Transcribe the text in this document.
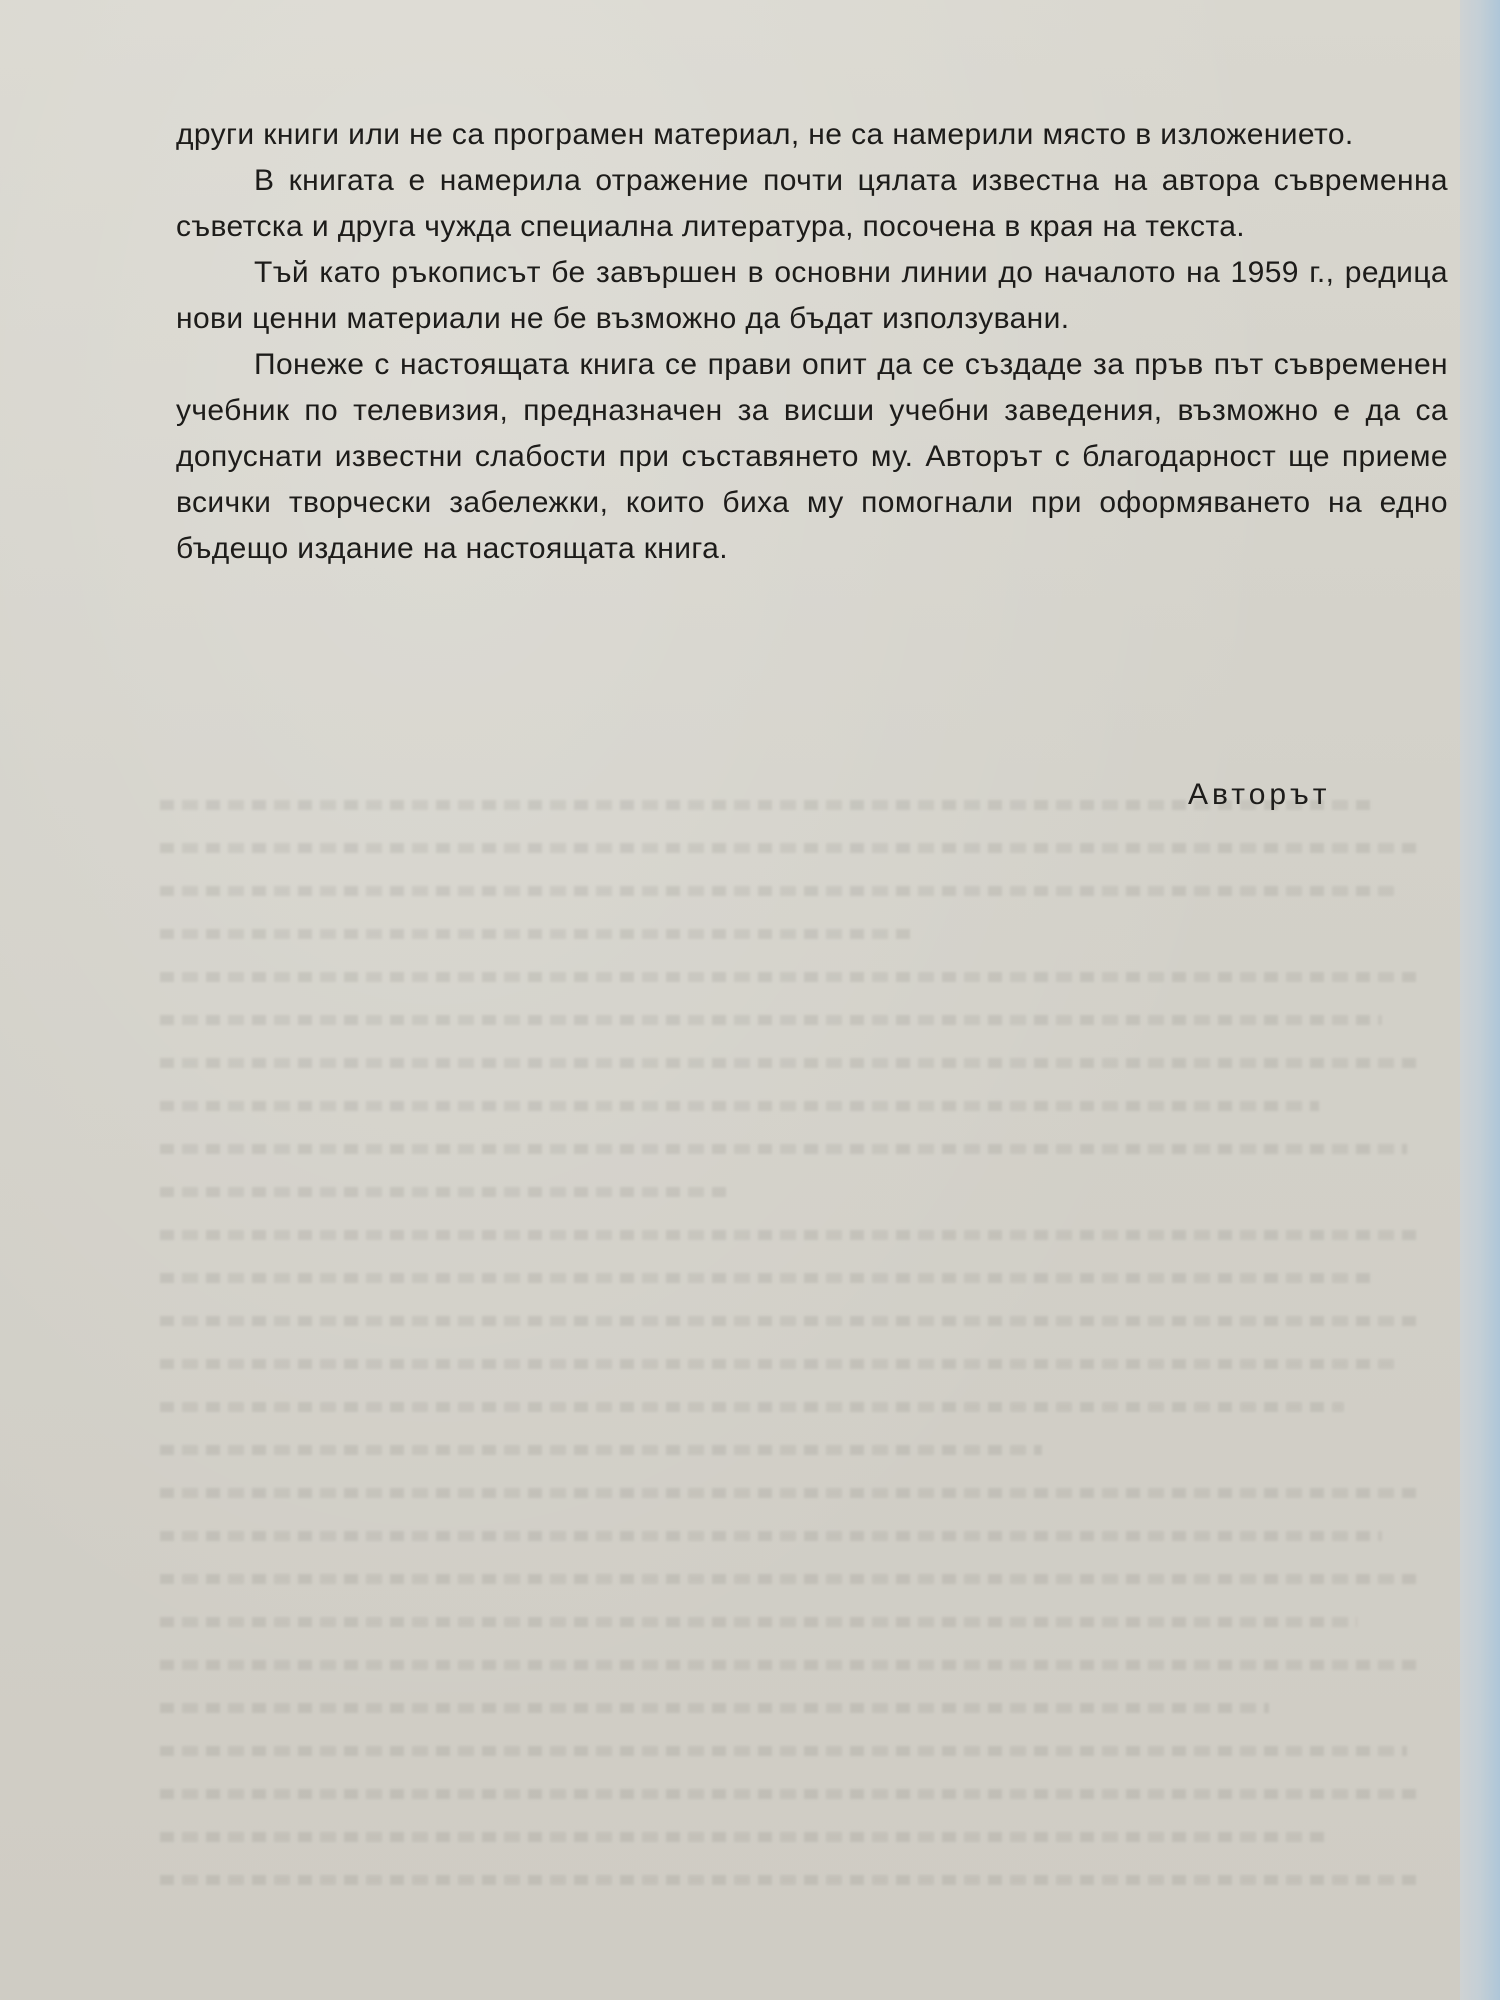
други книги или не са програмен материал, не са намерили място в изложението.

В книгата е намерила отражение почти цялата известна на автора съвременна съветска и друга чужда специална литература, посочена в края на текста.

Тъй като ръкописът бе завършен в основни линии до началото на 1959 г., редица нови ценни материали не бе възможно да бъдат използувани.

Понеже с настоящата книга се прави опит да се създаде за пръв път съвременен учебник по телевизия, предназначен за висши учебни заведения, възможно е да са допуснати известни слабости при съставянето му. Авторът с благодарност ще приеме всички творчески забележки, които биха му помогнали при оформяването на едно бъдещо издание на настоящата книга.

Авторът
